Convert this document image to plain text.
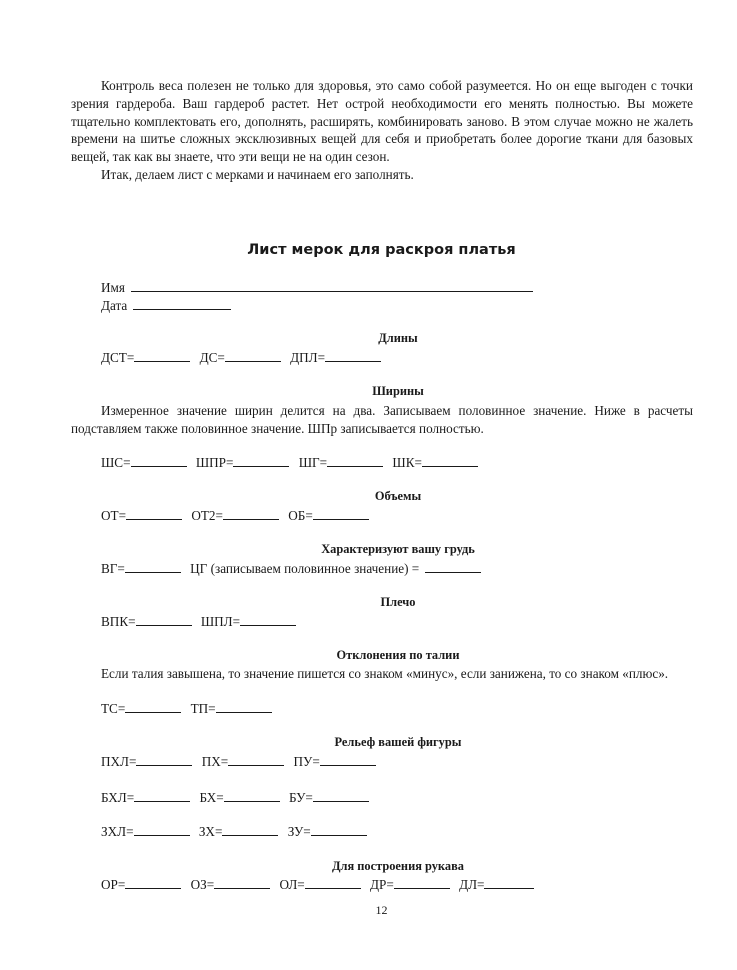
Контроль веса полезен не только для здоровья, это само собой разумеется. Но он еще выгоден с точки зрения гардероба. Ваш гардероб растет. Нет острой необходимости его менять полностью. Вы можете тщательно комплектовать его, дополнять, расширять, комбинировать заново. В этом случае можно не жалеть времени на шитье сложных эксклюзивных вещей для себя и приобретать более дорогие ткани для базовых вещей, так как вы знаете, что эти вещи не на один сезон.

Итак, делаем лист с мерками и начинаем его заполнять.

Лист мерок для раскроя платья
Имя
Дата
Длины
ДСТ=	ДС=	ДПЛ=
Ширины

Измеренное значение ширин делится на два. Записываем половинное значение. Ниже в расчеты подставляем также половинное значение. ШПр записывается полностью.

ШС=	ШПР=	ШГ=	ШК=
Объемы
ОТ=	ОТ2=	ОБ=
Характеризуют вашу грудь
ВГ=	ЦГ (записываем половинное значение) =
Плечо
ВПК=	ШПЛ=
Отклонения по талии

Если талия завышена, то значение пишется со знаком «минус», если занижена, то со знаком «плюс».

ТС=	ТП=
Рельеф вашей фигуры
ПХЛ=	ПХ=	ПУ=
БХЛ=	БХ=	БУ=
ЗХЛ=	ЗХ=	ЗУ=
Для построения рукава
ОР=	ОЗ=	ОЛ=	ДР=	ДЛ=
12
